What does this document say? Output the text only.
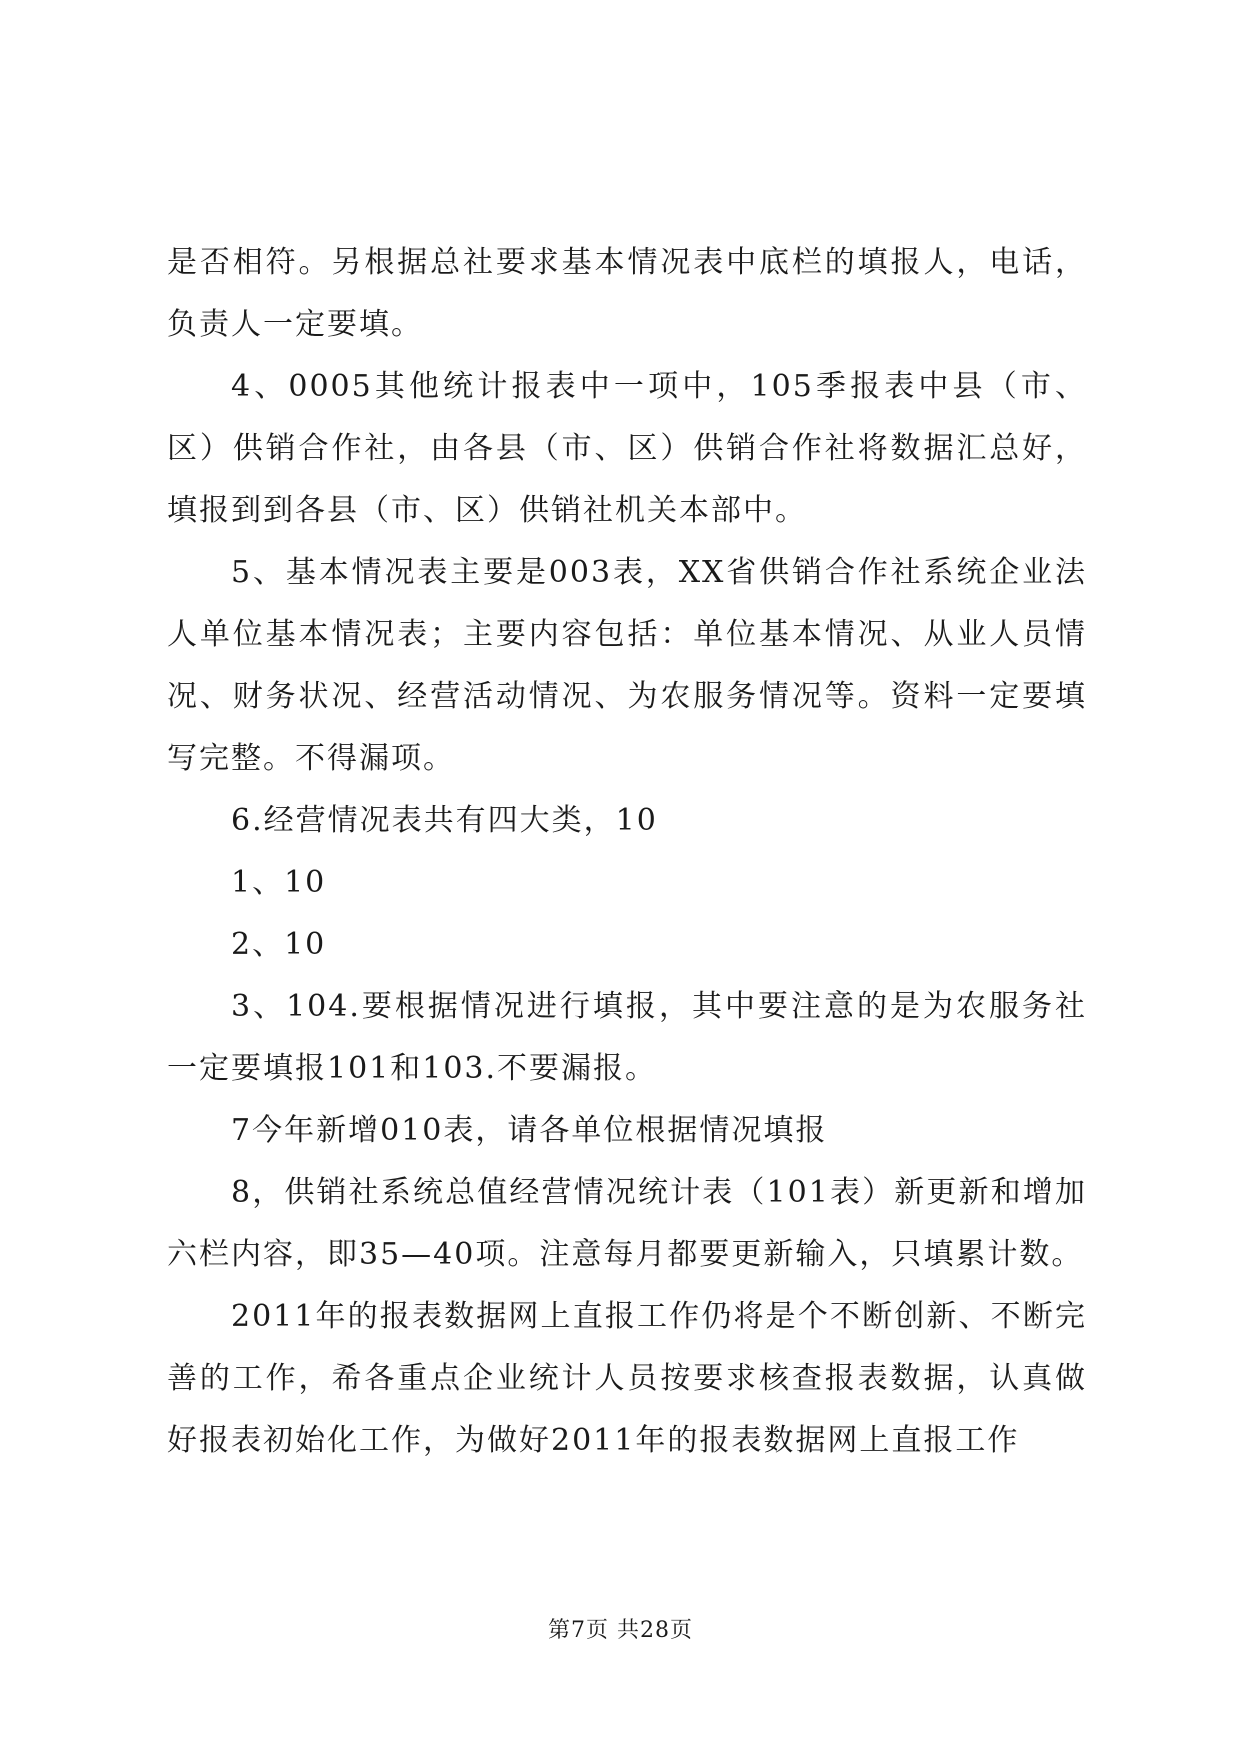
是否相符。另根据总社要求基本情况表中底栏的填报人，电话，负责人一定要填。

4、0005其他统计报表中一项中，105季报表中县（市、区）供销合作社，由各县（市、区）供销合作社将数据汇总好，填报到到各县（市、区）供销社机关本部中。

5、基本情况表主要是003表，XX省供销合作社系统企业法人单位基本情况表；主要内容包括：单位基本情况、从业人员情况、财务状况、经营活动情况、为农服务情况等。资料一定要填写完整。不得漏项。

6.经营情况表共有四大类，10

1、10

2、10

3、104.要根据情况进行填报，其中要注意的是为农服务社一定要填报101和103.不要漏报。

7今年新增010表，请各单位根据情况填报

8，供销社系统总值经营情况统计表（101表）新更新和增加六栏内容，即35—40项。注意每月都要更新输入，只填累计数。

2011年的报表数据网上直报工作仍将是个不断创新、不断完善的工作，希各重点企业统计人员按要求核查报表数据，认真做好报表初始化工作，为做好2011年的报表数据网上直报工作

第7页 共28页
